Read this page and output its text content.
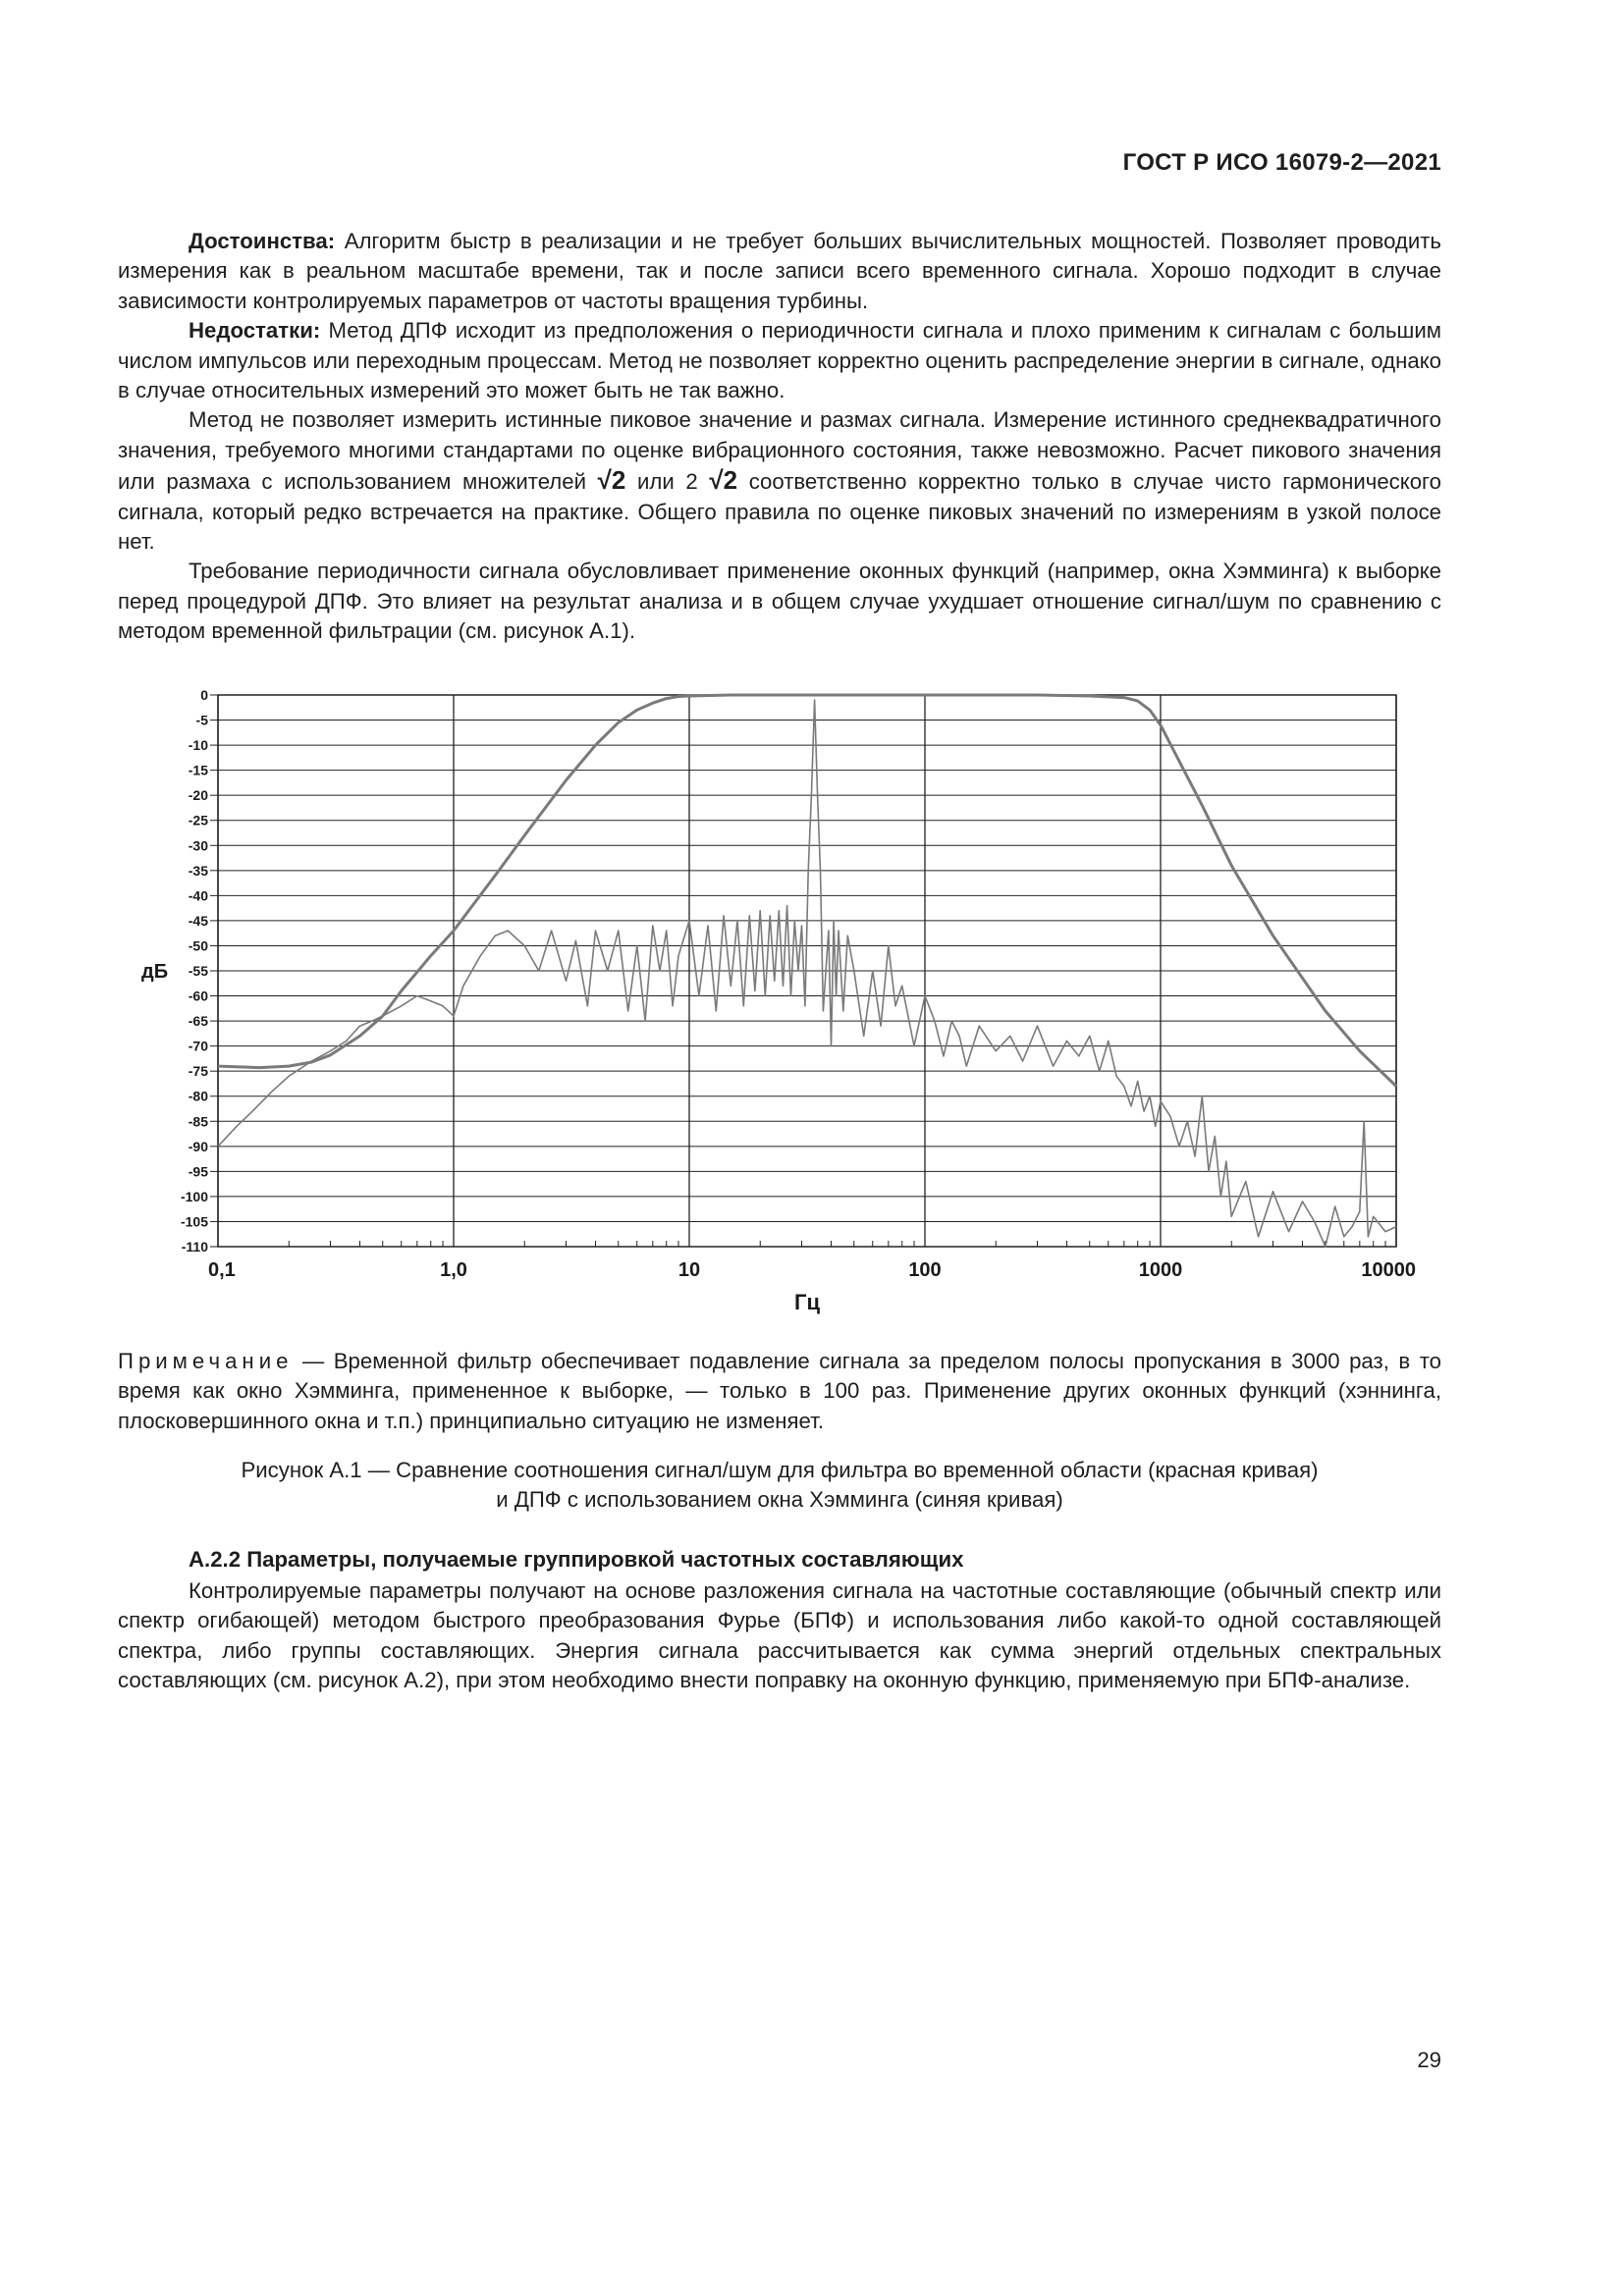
ГОСТ Р ИСО 16079-2—2021

Достоинства: Алгоритм быстр в реализации и не требует больших вычислительных мощностей. Позволяет проводить измерения как в реальном масштабе времени, так и после записи всего временного сигнала. Хорошо подходит в случае зависимости контролируемых параметров от частоты вращения турбины.

Недостатки: Метод ДПФ исходит из предположения о периодичности сигнала и плохо применим к сигналам с большим числом импульсов или переходным процессам. Метод не позволяет корректно оценить распределение энергии в сигнале, однако в случае относительных измерений это может быть не так важно.

Метод не позволяет измерить истинные пиковое значение и размах сигнала. Измерение истинного среднеквадратичного значения, требуемого многими стандартами по оценке вибрационного состояния, также невозможно. Расчет пикового значения или размаха с использованием множителей √2 или 2 √2 соответственно корректно только в случае чисто гармонического сигнала, который редко встречается на практике. Общего правила по оценке пиковых значений по измерениям в узкой полосе нет.

Требование периодичности сигнала обусловливает применение оконных функций (например, окна Хэмминга) к выборке перед процедурой ДПФ. Это влияет на результат анализа и в общем случае ухудшает отношение сигнал/шум по сравнению с методом временной фильтрации (см. рисунок А.1).

0
-5
-10
-15
-20
-25
-30
-35
-40
-45
-50
-55
-60
-65
-70
-75
-80
-85
-90
-95
-100
-105
-110
0,1	1,0	10	100	1000	10000
дБ
Гц
Примечание — Временной фильтр обеспечивает подавление сигнала за пределом полосы пропускания в 3000 раз, в то время как окно Хэмминга, примененное к выборке, — только в 100 раз. Применение других оконных функций (хэннинга, плосковершинного окна и т.п.) принципиально ситуацию не изменяет.
Рисунок А.1 — Сравнение соотношения сигнал/шум для фильтра во временной области (красная кривая)
и ДПФ с использованием окна Хэмминга (синяя кривая)
А.2.2 Параметры, получаемые группировкой частотных составляющих

Контролируемые параметры получают на основе разложения сигнала на частотные составляющие (обычный спектр или спектр огибающей) методом быстрого преобразования Фурье (БПФ) и использования либо какой-то одной составляющей спектра, либо группы составляющих. Энергия сигнала рассчитывается как сумма энергий отдельных спектральных составляющих (см. рисунок А.2), при этом необходимо внести поправку на оконную функцию, применяемую при БПФ-анализе.

29
